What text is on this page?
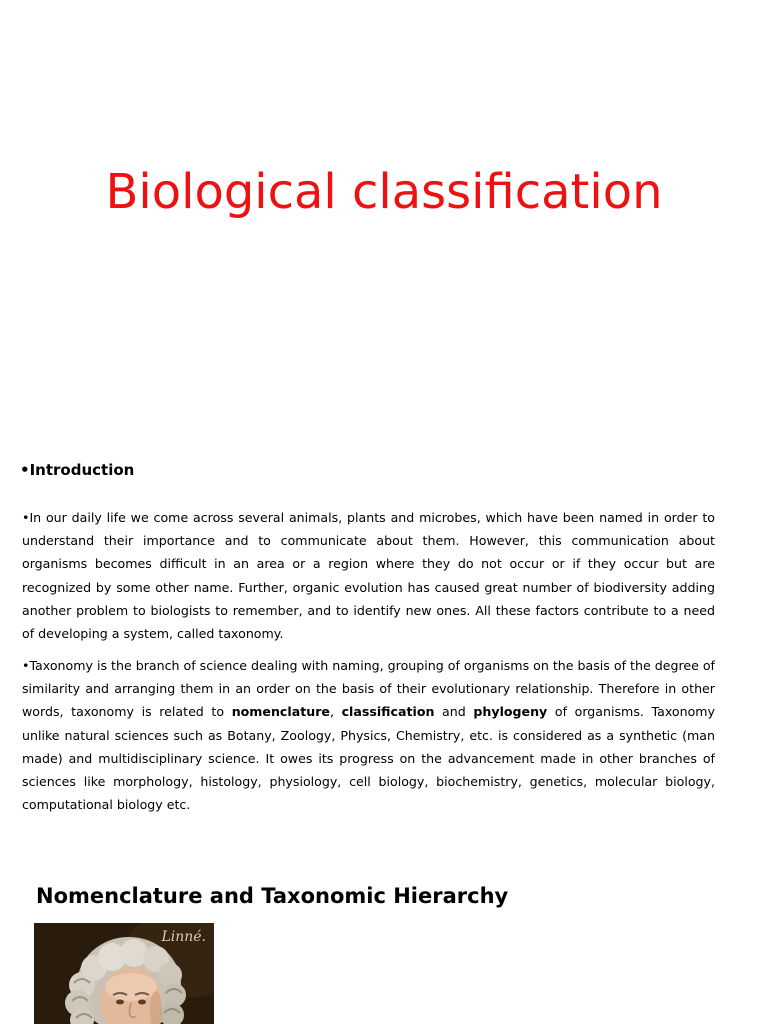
Biological classification
•Introduction

•In our daily life we come across several animals, plants and microbes, which have been named in order to understand their importance and to communicate about them. However, this communication about organisms becomes difficult in an area or a region where they do not occur or if they occur but are recognized by some other name. Further, organic evolution has caused great number of biodiversity adding another problem to biologists to remember, and to identify new ones. All these factors contribute to a need of developing a system, called taxonomy.

•Taxonomy is the branch of science dealing with naming, grouping of organisms on the basis of the degree of similarity and arranging them in an order on the basis of their evolutionary relationship. Therefore in other words, taxonomy is related to nomenclature, classification and phylogeny of organisms. Taxonomy unlike natural sciences such as Botany, Zoology, Physics, Chemistry, etc. is considered as a synthetic (man made) and multidisciplinary science. It owes its progress on the advancement made in other branches of sciences like morphology, histology, physiology, cell biology, biochemistry, genetics, molecular biology, computational biology etc.

Nomenclature and Taxonomic Hierarchy
Linné.
